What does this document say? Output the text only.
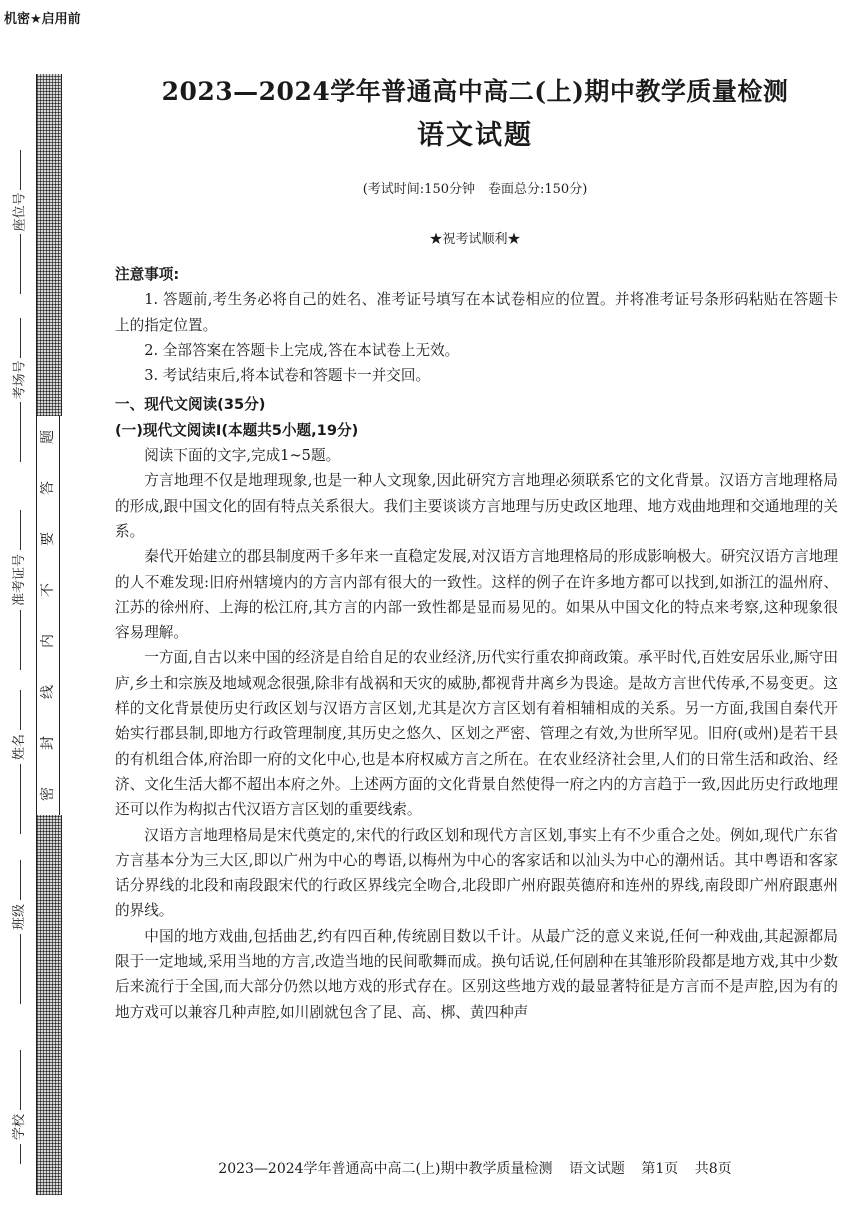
机密★启用前
题
答
要
不
内
线
封
密
座位号
考场号
准考证号
姓名
班级
学校
2023—2024学年普通高中高二(上)期中教学质量检测
语文试题
(考试时间:150分钟　卷面总分:150分)
★祝考试顺利★

注意事项:

1. 答题前,考生务必将自己的姓名、准考证号填写在本试卷相应的位置。并将准考证号条形码粘贴在答题卡上的指定位置。

2. 全部答案在答题卡上完成,答在本试卷上无效。

3. 考试结束后,将本试卷和答题卡一并交回。

一、现代文阅读(35分)

(一)现代文阅读Ⅰ(本题共5小题,19分)

阅读下面的文字,完成1~5题。

方言地理不仅是地理现象,也是一种人文现象,因此研究方言地理必须联系它的文化背景。汉语方言地理格局的形成,跟中国文化的固有特点关系很大。我们主要谈谈方言地理与历史政区地理、地方戏曲地理和交通地理的关系。

秦代开始建立的郡县制度两千多年来一直稳定发展,对汉语方言地理格局的形成影响极大。研究汉语方言地理的人不难发现:旧府州辖境内的方言内部有很大的一致性。这样的例子在许多地方都可以找到,如浙江的温州府、江苏的徐州府、上海的松江府,其方言的内部一致性都是显而易见的。如果从中国文化的特点来考察,这种现象很容易理解。

一方面,自古以来中国的经济是自给自足的农业经济,历代实行重农抑商政策。承平时代,百姓安居乐业,厮守田庐,乡土和宗族及地域观念很强,除非有战祸和天灾的威胁,都视背井离乡为畏途。是故方言世代传承,不易变更。这样的文化背景使历史行政区划与汉语方言区划,尤其是次方言区划有着相辅相成的关系。另一方面,我国自秦代开始实行郡县制,即地方行政管理制度,其历史之悠久、区划之严密、管理之有效,为世所罕见。旧府(或州)是若干县的有机组合体,府治即一府的文化中心,也是本府权威方言之所在。在农业经济社会里,人们的日常生活和政治、经济、文化生活大都不超出本府之外。上述两方面的文化背景自然使得一府之内的方言趋于一致,因此历史行政地理还可以作为构拟古代汉语方言区划的重要线索。

汉语方言地理格局是宋代奠定的,宋代的行政区划和现代方言区划,事实上有不少重合之处。例如,现代广东省方言基本分为三大区,即以广州为中心的粤语,以梅州为中心的客家话和以汕头为中心的潮州话。其中粤语和客家话分界线的北段和南段跟宋代的行政区界线完全吻合,北段即广州府跟英德府和连州的界线,南段即广州府跟惠州的界线。

中国的地方戏曲,包括曲艺,约有四百种,传统剧目数以千计。从最广泛的意义来说,任何一种戏曲,其起源都局限于一定地域,采用当地的方言,改造当地的民间歌舞而成。换句话说,任何剧种在其雏形阶段都是地方戏,其中少数后来流行于全国,而大部分仍然以地方戏的形式存在。区别这些地方戏的最显著特征是方言而不是声腔,因为有的地方戏可以兼容几种声腔,如川剧就包含了昆、高、梆、黄四种声

2023—2024学年普通高中高二(上)期中教学质量检测 语文试题 第1页 共8页
